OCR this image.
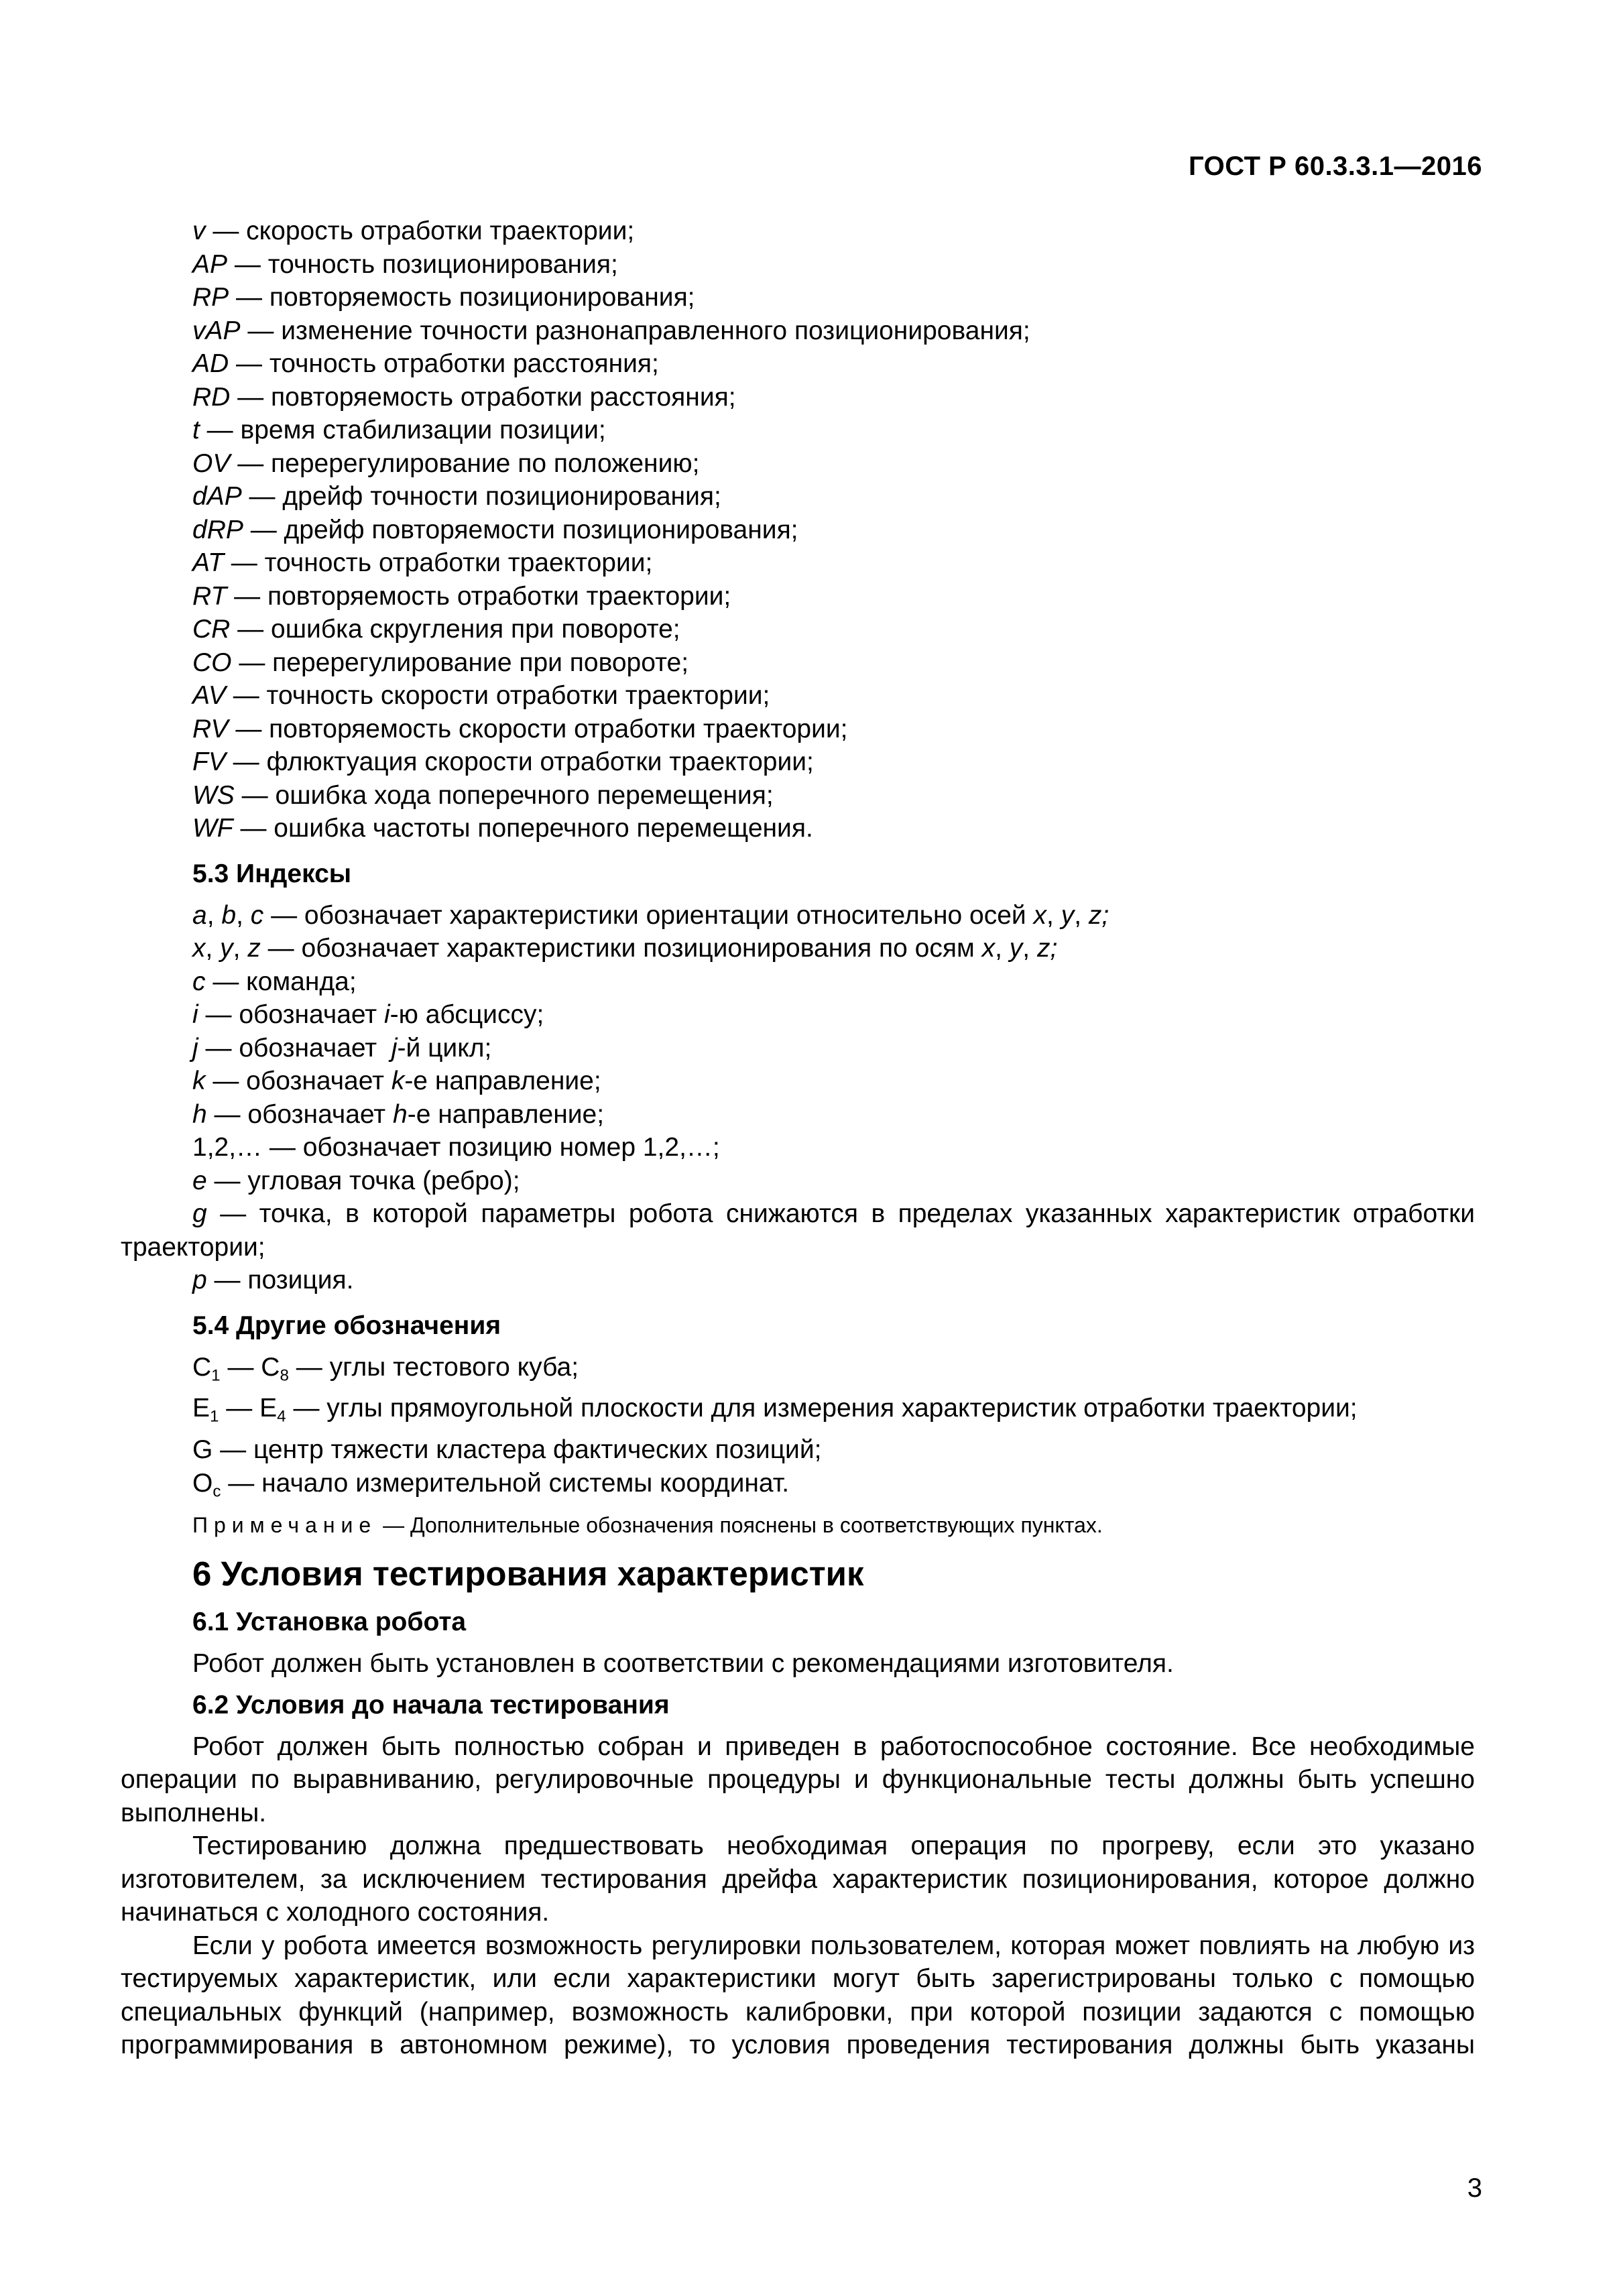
ГОСТ Р 60.3.3.1—2016

v — скорость отработки траектории;

AP — точность позиционирования;

RP — повторяемость позиционирования;

vAP — изменение точности разнонаправленного позиционирования;

AD — точность отработки расстояния;

RD — повторяемость отработки расстояния;

t — время стабилизации позиции;

OV — перерегулирование по положению;

dAP — дрейф точности позиционирования;

dRP — дрейф повторяемости позиционирования;

AT — точность отработки траектории;

RT — повторяемость отработки траектории;

CR — ошибка скругления при повороте;

CO — перерегулирование при повороте;

AV — точность скорости отработки траектории;

RV — повторяемость скорости отработки траектории;

FV — флюктуация скорости отработки траектории;

WS — ошибка хода поперечного перемещения;

WF — ошибка частоты поперечного перемещения.

5.3 Индексы

a, b, c — обозначает характеристики ориентации относительно осей x, y, z;

x, y, z — обозначает характеристики позиционирования по осям x, y, z;

c — команда;

i — обозначает i-ю абсциссу;

j — обозначает  j-й цикл;

k — обозначает k-е направление;

h — обозначает h-е направление;

1,2,… — обозначает позицию номер 1,2,…;

e — угловая точка (ребро);

g — точка, в которой параметры робота снижаются в пределах указанных характеристик отработки траектории;

p — позиция.

5.4 Другие обозначения

$C_1$ — $C_8$ — углы тестового куба;

$E_1$ — $E_4$ — углы прямоугольной плоскости для измерения характеристик отработки траектории;

G — центр тяжести кластера фактических позиций;

$O_c$ — начало измерительной системы координат.

Примечание — Дополнительные обозначения пояснены в соответствующих пунктах.

6 Условия тестирования характеристик

6.1 Установка робота

Робот должен быть установлен в соответствии с рекомендациями изготовителя.

6.2 Условия до начала тестирования

Робот должен быть полностью собран и приведен в работоспособное состояние. Все необходимые операции по выравниванию, регулировочные процедуры и функциональные тесты должны быть успешно выполнены.

Тестированию должна предшествовать необходимая операция по прогреву, если это указано изготовителем, за исключением тестирования дрейфа характеристик позиционирования, которое должно начинаться с холодного состояния.

Если у робота имеется возможность регулировки пользователем, которая может повлиять на любую из тестируемых характеристик, или если характеристики могут быть зарегистрированы только с помощью специальных функций (например, возможность калибровки, при которой позиции задаются с помощью программирования в автономном режиме), то условия проведения тестирования должны быть указаны

3
